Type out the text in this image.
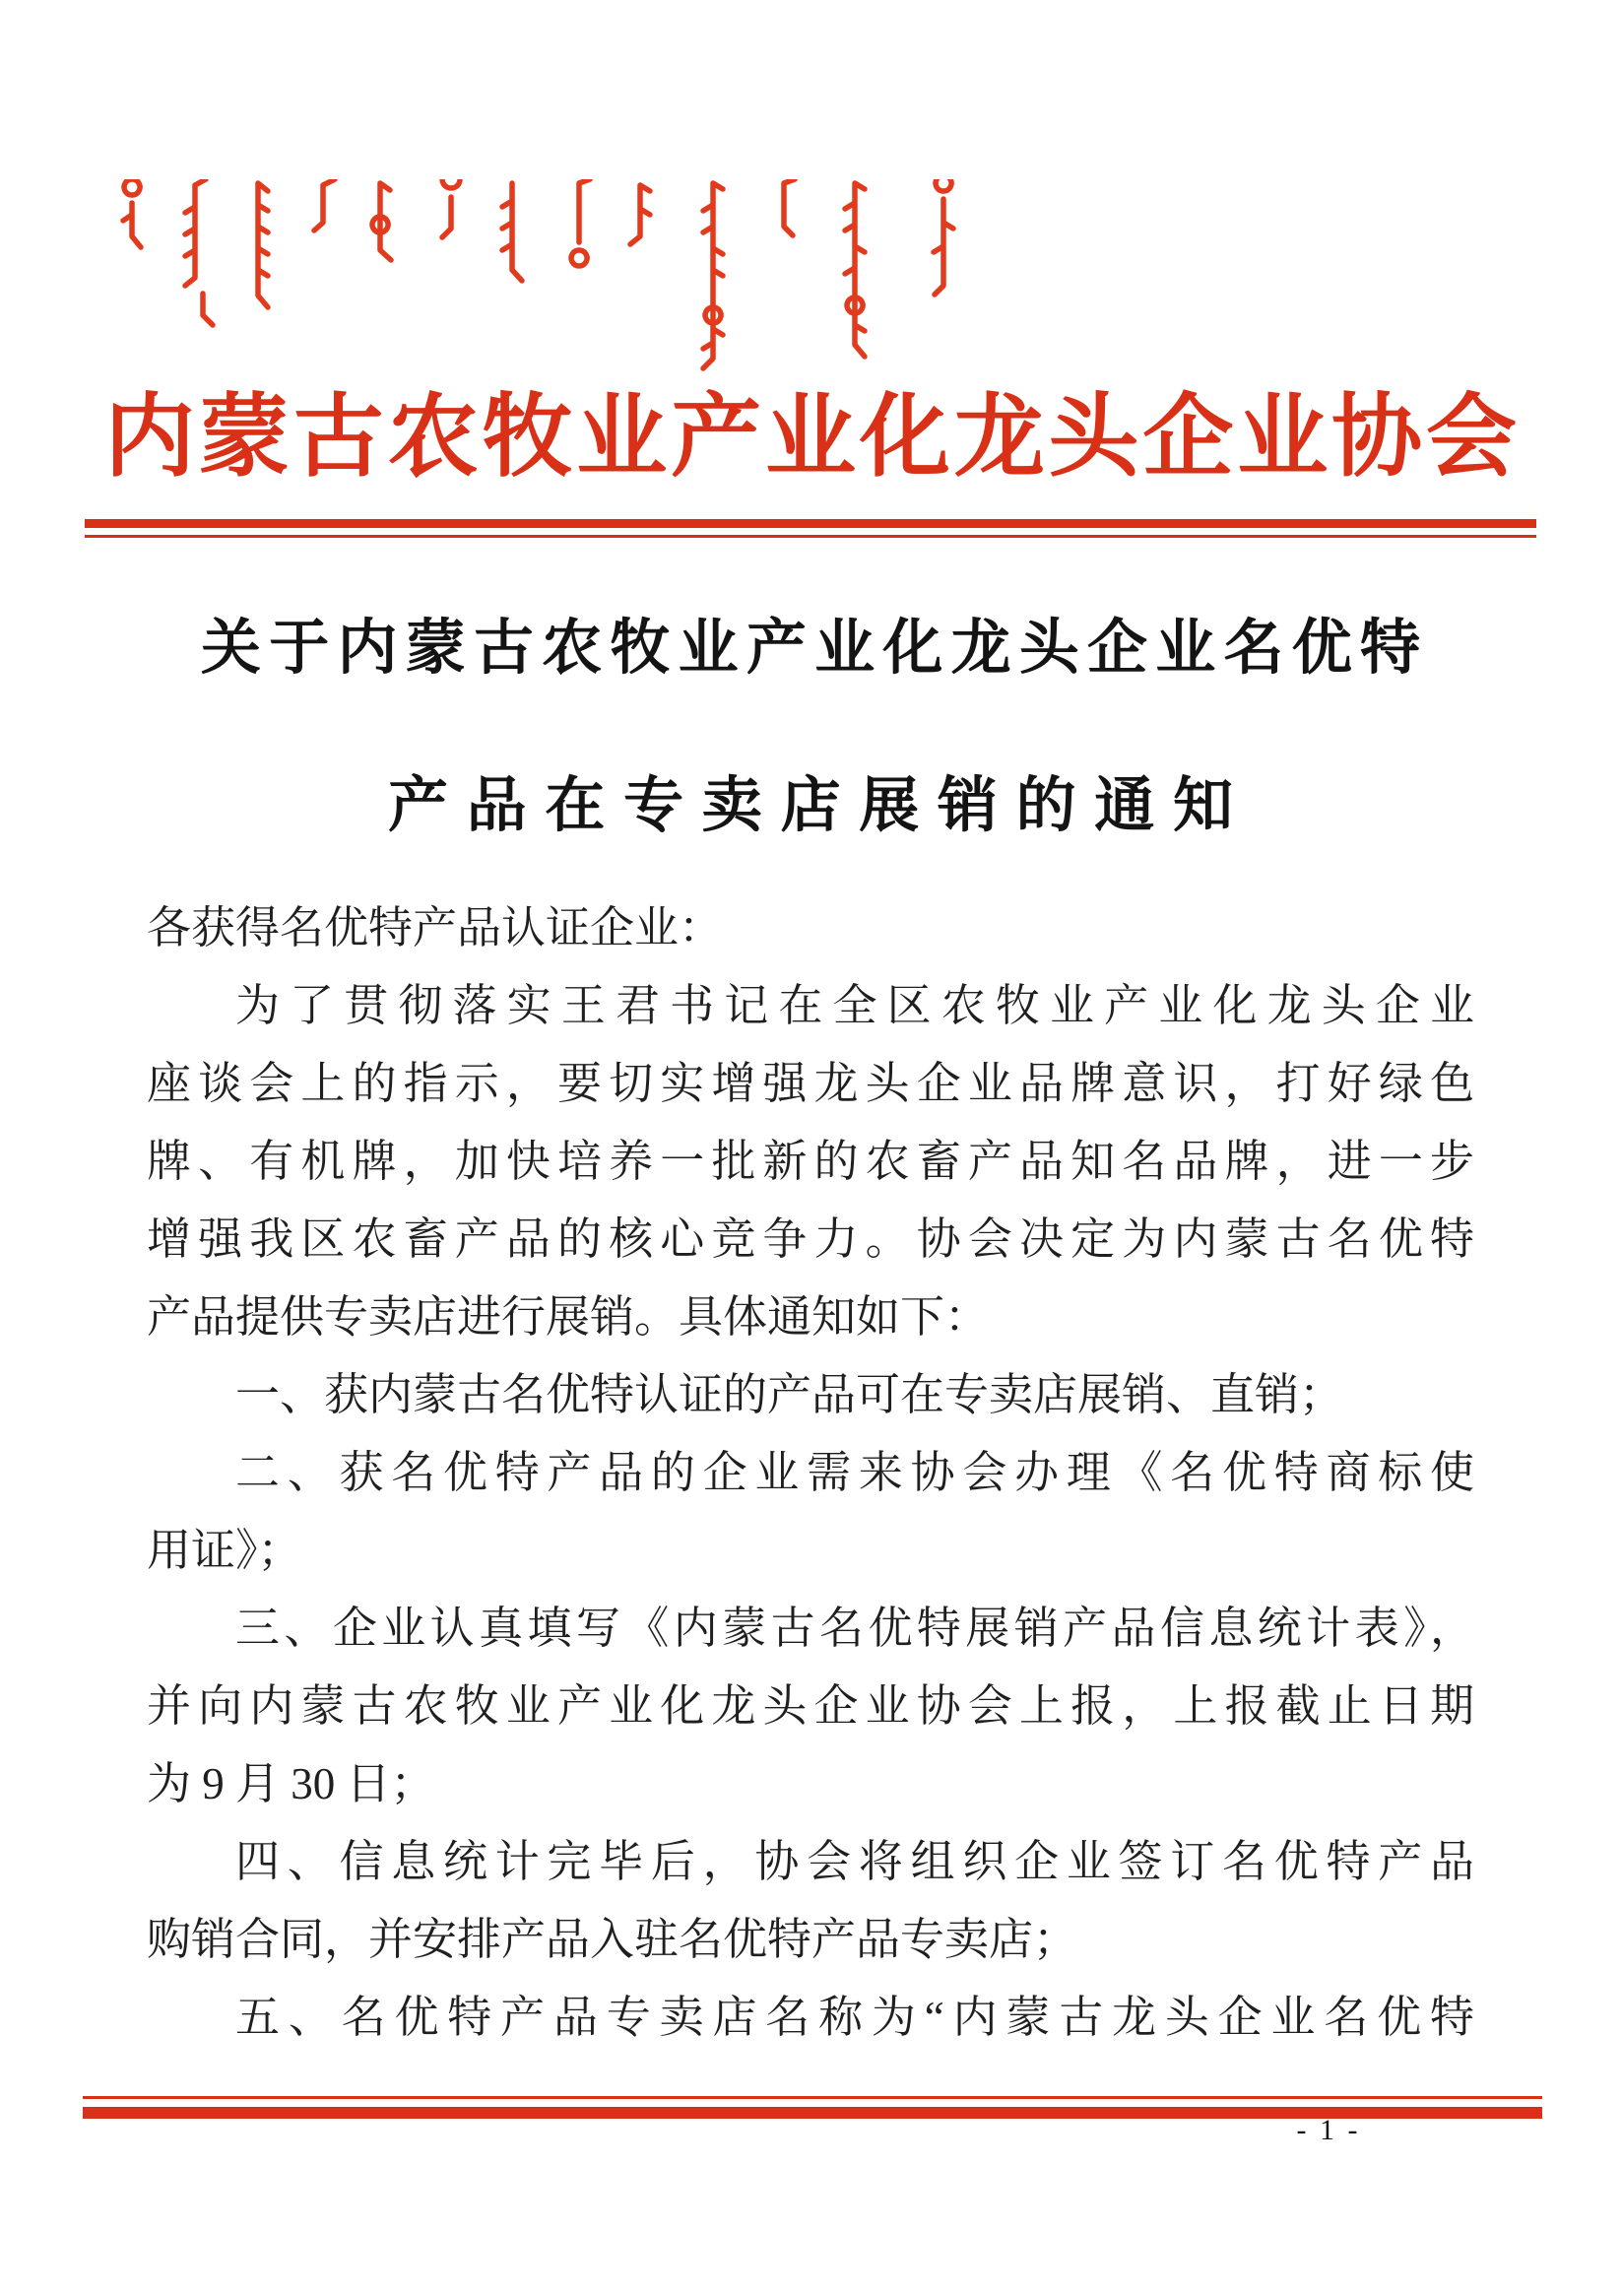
内蒙古农牧业产业化龙头企业协会
关于内蒙古农牧业产业化龙头企业名优特
产品在专卖店展销的通知
各获得名优特产品认证企业：
为了贯彻落实王君书记在全区农牧业产业化龙头企业
座谈会上的指示，要切实增强龙头企业品牌意识，打好绿色
牌、有机牌，加快培养一批新的农畜产品知名品牌，进一步
增强我区农畜产品的核心竞争力。协会决定为内蒙古名优特
产品提供专卖店进行展销。具体通知如下：
一、获内蒙古名优特认证的产品可在专卖店展销、直销；
二、获名优特产品的企业需来协会办理《名优特商标使
用证》；
三、企业认真填写《内蒙古名优特展销产品信息统计表》，
并向内蒙古农牧业产业化龙头企业协会上报，上报截止日期
为 9 月 30 日；
四、信息统计完毕后，协会将组织企业签订名优特产品
购销合同，并安排产品入驻名优特产品专卖店；
五、名优特产品专卖店名称为“内蒙古龙头企业名优特
- 1 -
